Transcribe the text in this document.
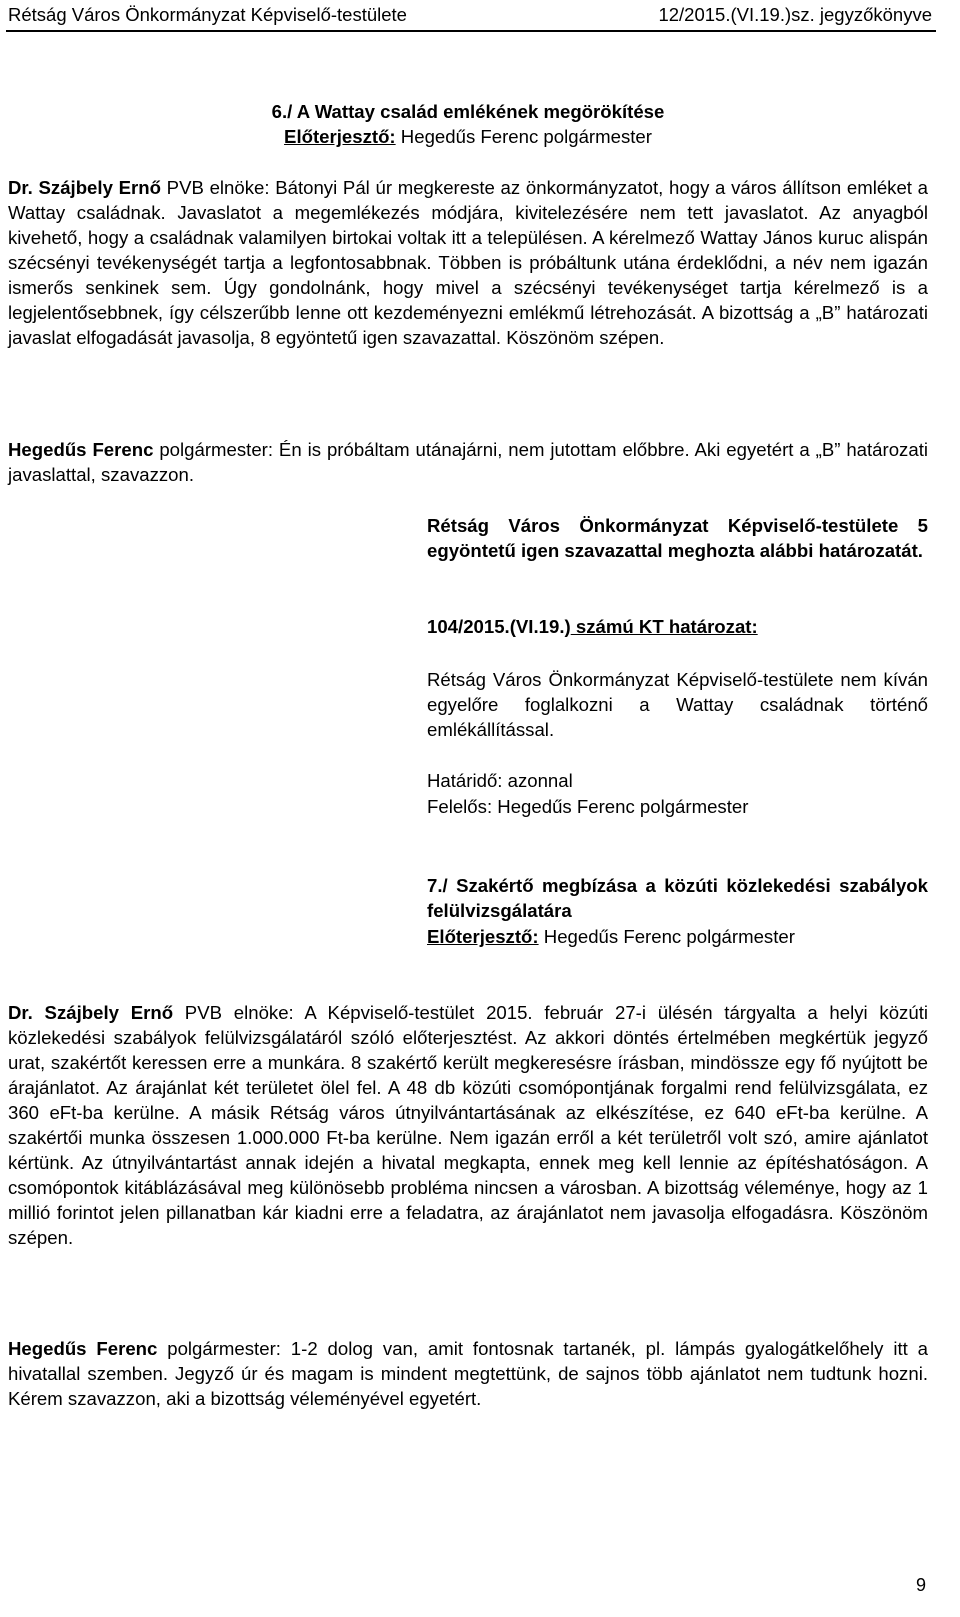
Rétság Város Önkormányzat Képviselő-testülete	12/2015.(VI.19.)sz. jegyzőkönyve
6./ A Wattay család emlékének megörökítése
Előterjesztő: Hegedűs Ferenc polgármester
Dr. Szájbely Ernő PVB elnöke: Bátonyi Pál úr megkereste az önkormányzatot, hogy a város állítson emléket a Wattay családnak. Javaslatot a megemlékezés módjára, kivitelezésére nem tett javaslatot. Az anyagból kivehető, hogy a családnak valamilyen birtokai voltak itt a településen. A kérelmező Wattay János kuruc alispán szécsényi tevékenységét tartja a legfontosabbnak. Többen is próbáltunk utána érdeklődni, a név nem igazán ismerős senkinek sem. Úgy gondolnánk, hogy mivel a szécsényi tevékenységet tartja kérelmező is a legjelentősebbnek, így célszerűbb lenne ott kezdeményezni emlékmű létrehozását. A bizottság a „B” határozati javaslat elfogadását javasolja, 8 egyöntetű igen szavazattal. Köszönöm szépen.
Hegedűs Ferenc polgármester: Én is próbáltam utánajárni, nem jutottam előbbre. Aki egyetért a „B” határozati javaslattal, szavazzon.
Rétság Város Önkormányzat Képviselő-testülete 5 egyöntetű igen szavazattal meghozta alábbi határozatát.
104/2015.(VI.19.) számú KT határozat:
Rétság Város Önkormányzat Képviselő-testülete nem kíván egyelőre foglalkozni a Wattay családnak történő emlékállítással.
Határidő: azonnal
Felelős: Hegedűs Ferenc polgármester
7./ Szakértő megbízása a közúti közlekedési szabályok felülvizsgálatára
Előterjesztő: Hegedűs Ferenc polgármester
Dr. Szájbely Ernő PVB elnöke: A Képviselő-testület 2015. február 27-i ülésén tárgyalta a helyi közúti közlekedési szabályok felülvizsgálatáról szóló előterjesztést. Az akkori döntés értelmében megkértük jegyző urat, szakértőt keressen erre a munkára. 8 szakértő került megkeresésre írásban, mindössze egy fő nyújtott be árajánlatot. Az árajánlat két területet ölel fel. A 48 db közúti csomópontjának forgalmi rend felülvizsgálata, ez 360 eFt-ba kerülne. A másik Rétság város útnyilvántartásának az elkészítése, ez 640 eFt-ba kerülne. A szakértői munka összesen 1.000.000 Ft-ba kerülne. Nem igazán erről a két területről volt szó, amire ajánlatot kértünk. Az útnyilvántartást annak idején a hivatal megkapta, ennek meg kell lennie az építéshatóságon. A csomópontok kitáblázásával meg különösebb probléma nincsen a városban. A bizottság véleménye, hogy az 1 millió forintot jelen pillanatban kár kiadni erre a feladatra, az árajánlatot nem javasolja elfogadásra. Köszönöm szépen.
Hegedűs Ferenc polgármester: 1-2 dolog van, amit fontosnak tartanék, pl. lámpás gyalogátkelőhely itt a hivatallal szemben. Jegyző úr és magam is mindent megtettünk, de sajnos több ajánlatot nem tudtunk hozni. Kérem szavazzon, aki a bizottság véleményével egyetért.
9
